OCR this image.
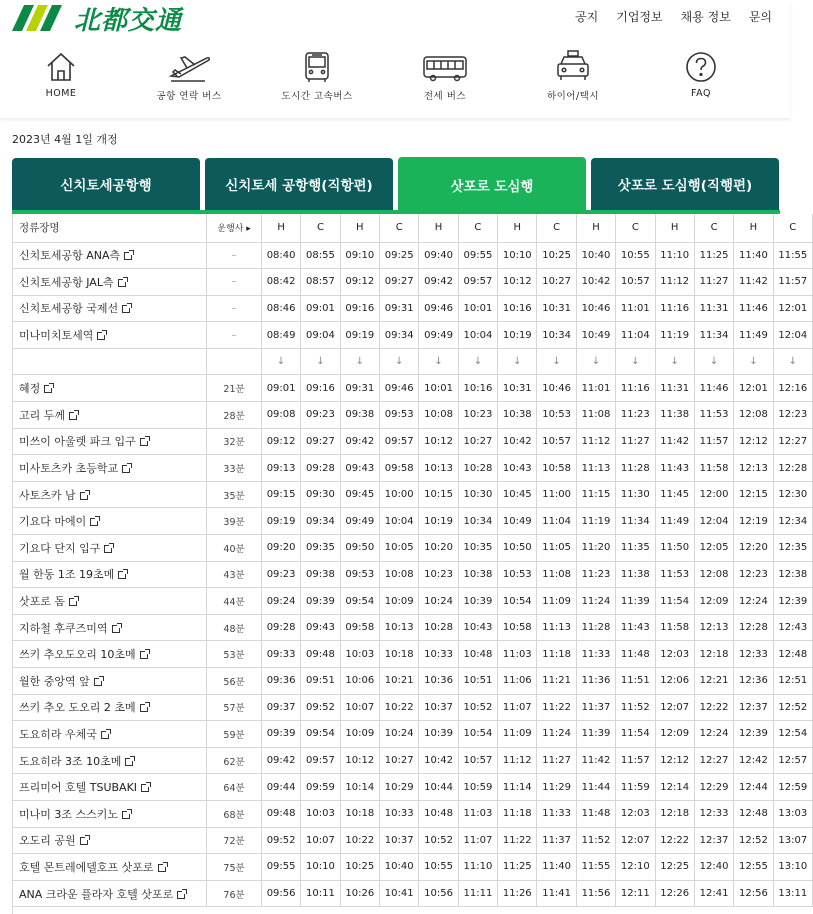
北都交通	공지 기업정보 채용 정보 문의
HOME	공항 연락 버스	도시간 고속버스	전세 버스	하이어/택시	FAQ
2023년 4월 1일 개정
신치토세공항행	신치토세 공항행(직항편)	삿포로 도심행	삿포로 도심행(직행편)
정류장명	운행사 ▸	H	C	H	C	H	C	H	C	H	C	H	C	H	C
신치토세공항 ANA측	–	08:40	08:55	09:10	09:25	09:40	09:55	10:10	10:25	10:40	10:55	11:10	11:25	11:40	11:55
신치토세공항 JAL측	–	08:42	08:57	09:12	09:27	09:42	09:57	10:12	10:27	10:42	10:57	11:12	11:27	11:42	11:57
신치토세공항 국제선	–	08:46	09:01	09:16	09:31	09:46	10:01	10:16	10:31	10:46	11:01	11:16	11:31	11:46	12:01
미나미치토세역	–	08:49	09:04	09:19	09:34	09:49	10:04	10:19	10:34	10:49	11:04	11:19	11:34	11:49	12:04
		↓	↓	↓	↓	↓	↓	↓	↓	↓	↓	↓	↓	↓	↓
혜정	21분	09:01	09:16	09:31	09:46	10:01	10:16	10:31	10:46	11:01	11:16	11:31	11:46	12:01	12:16
고리 두께	28분	09:08	09:23	09:38	09:53	10:08	10:23	10:38	10:53	11:08	11:23	11:38	11:53	12:08	12:23
미쓰이 아울렛 파크 입구	32분	09:12	09:27	09:42	09:57	10:12	10:27	10:42	10:57	11:12	11:27	11:42	11:57	12:12	12:27
미사토츠카 초등학교	33분	09:13	09:28	09:43	09:58	10:13	10:28	10:43	10:58	11:13	11:28	11:43	11:58	12:13	12:28
사토츠카 남	35분	09:15	09:30	09:45	10:00	10:15	10:30	10:45	11:00	11:15	11:30	11:45	12:00	12:15	12:30
기요다 마에이	39분	09:19	09:34	09:49	10:04	10:19	10:34	10:49	11:04	11:19	11:34	11:49	12:04	12:19	12:34
기요다 단지 입구	40분	09:20	09:35	09:50	10:05	10:20	10:35	10:50	11:05	11:20	11:35	11:50	12:05	12:20	12:35
월 한동 1조 19초메	43분	09:23	09:38	09:53	10:08	10:23	10:38	10:53	11:08	11:23	11:38	11:53	12:08	12:23	12:38
삿포로 돔	44분	09:24	09:39	09:54	10:09	10:24	10:39	10:54	11:09	11:24	11:39	11:54	12:09	12:24	12:39
지하철 후쿠즈미역	48분	09:28	09:43	09:58	10:13	10:28	10:43	10:58	11:13	11:28	11:43	11:58	12:13	12:28	12:43
쓰키 추오도오리 10초메	53분	09:33	09:48	10:03	10:18	10:33	10:48	11:03	11:18	11:33	11:48	12:03	12:18	12:33	12:48
월한 중앙역 앞	56분	09:36	09:51	10:06	10:21	10:36	10:51	11:06	11:21	11:36	11:51	12:06	12:21	12:36	12:51
쓰키 추오 도오리 2 초메	57분	09:37	09:52	10:07	10:22	10:37	10:52	11:07	11:22	11:37	11:52	12:07	12:22	12:37	12:52
도요히라 우체국	59분	09:39	09:54	10:09	10:24	10:39	10:54	11:09	11:24	11:39	11:54	12:09	12:24	12:39	12:54
도요히라 3조 10초메	62분	09:42	09:57	10:12	10:27	10:42	10:57	11:12	11:27	11:42	11:57	12:12	12:27	12:42	12:57
프리미어 호텔 TSUBAKI	64분	09:44	09:59	10:14	10:29	10:44	10:59	11:14	11:29	11:44	11:59	12:14	12:29	12:44	12:59
미나미 3조 스스키노	68분	09:48	10:03	10:18	10:33	10:48	11:03	11:18	11:33	11:48	12:03	12:18	12:33	12:48	13:03
오도리 공원	72분	09:52	10:07	10:22	10:37	10:52	11:07	11:22	11:37	11:52	12:07	12:22	12:37	12:52	13:07
호텔 몬트레에델호프 삿포로	75분	09:55	10:10	10:25	10:40	10:55	11:10	11:25	11:40	11:55	12:10	12:25	12:40	12:55	13:10
ANA 크라운 플라자 호텔 삿포로	76분	09:56	10:11	10:26	10:41	10:56	11:11	11:26	11:41	11:56	12:11	12:26	12:41	12:56	13:11
